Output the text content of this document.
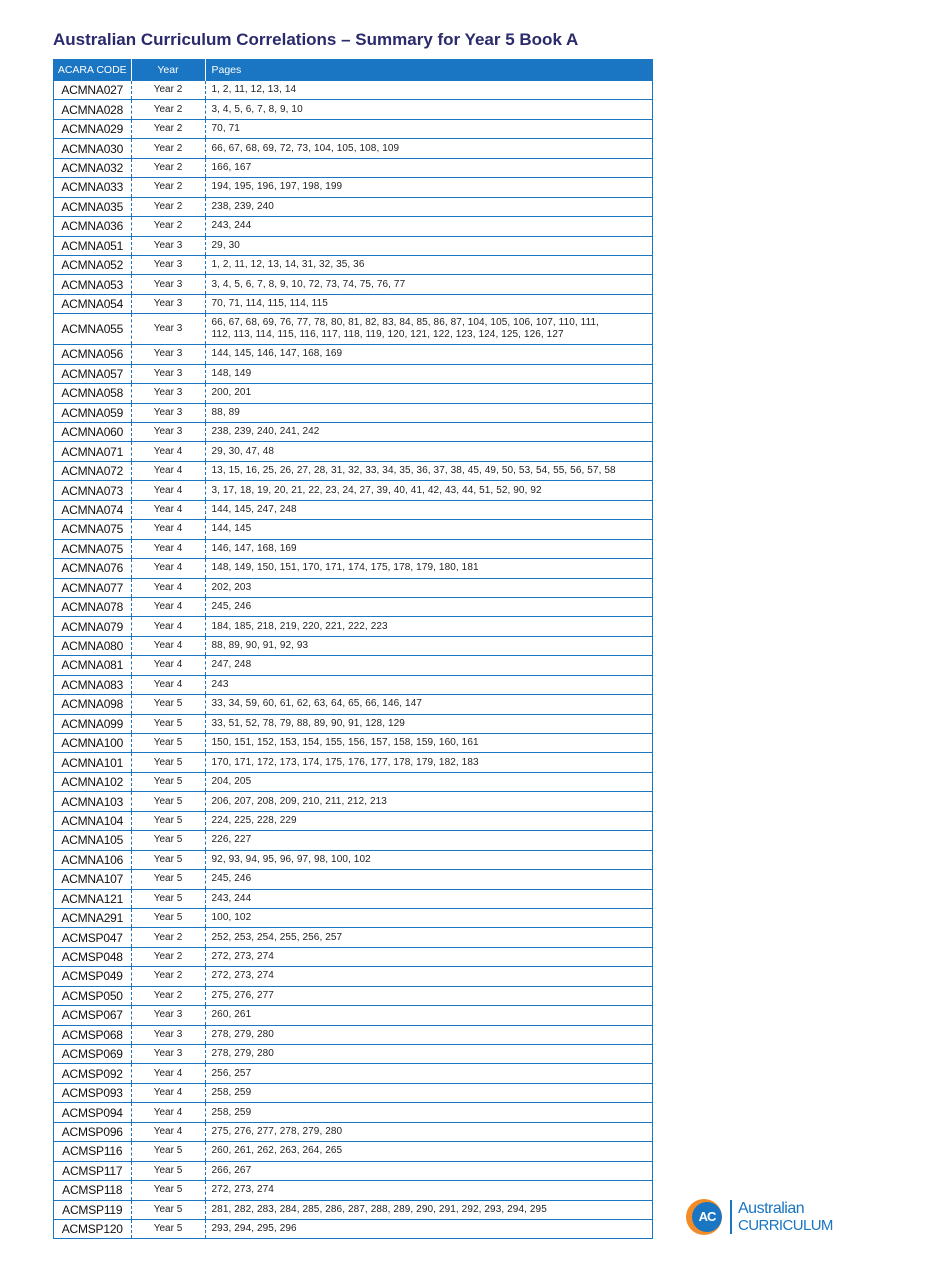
Australian Curriculum Correlations – Summary for Year 5 Book A
ACARA CODE	Year	Pages
ACMNA027	Year 2	1, 2, 11, 12, 13, 14

ACMNA028	Year 2	3, 4, 5, 6, 7, 8, 9, 10

ACMNA029	Year 2	70, 71

ACMNA030	Year 2	66, 67, 68, 69, 72, 73, 104, 105, 108, 109

ACMNA032	Year 2	166, 167

ACMNA033	Year 2	194, 195, 196, 197, 198, 199

ACMNA035	Year 2	238, 239, 240

ACMNA036	Year 2	243, 244

ACMNA051	Year 3	29, 30

ACMNA052	Year 3	1, 2, 11, 12, 13, 14, 31, 32, 35, 36

ACMNA053	Year 3	3, 4, 5, 6, 7, 8, 9, 10, 72, 73, 74, 75, 76, 77

ACMNA054	Year 3	70, 71, 114, 115, 114, 115

ACMNA055	Year 3	66, 67, 68, 69, 76, 77, 78, 80, 81, 82, 83, 84, 85, 86, 87, 104, 105, 106, 107, 110, 111,
112, 113, 114, 115, 116, 117, 118, 119, 120, 121, 122, 123, 124, 125, 126, 127

ACMNA056	Year 3	144, 145, 146, 147, 168, 169

ACMNA057	Year 3	148, 149

ACMNA058	Year 3	200, 201

ACMNA059	Year 3	88, 89

ACMNA060	Year 3	238, 239, 240, 241, 242

ACMNA071	Year 4	29, 30, 47, 48

ACMNA072	Year 4	13, 15, 16, 25, 26, 27, 28, 31, 32, 33, 34, 35, 36, 37, 38, 45, 49, 50, 53, 54, 55, 56, 57, 58

ACMNA073	Year 4	3, 17, 18, 19, 20, 21, 22, 23, 24, 27, 39, 40, 41, 42, 43, 44, 51, 52, 90, 92

ACMNA074	Year 4	144, 145, 247, 248

ACMNA075	Year 4	144, 145

ACMNA075	Year 4	146, 147, 168, 169

ACMNA076	Year 4	148, 149, 150, 151, 170, 171, 174, 175, 178, 179, 180, 181

ACMNA077	Year 4	202, 203

ACMNA078	Year 4	245, 246

ACMNA079	Year 4	184, 185, 218, 219, 220, 221, 222, 223

ACMNA080	Year 4	88, 89, 90, 91, 92, 93

ACMNA081	Year 4	247, 248

ACMNA083	Year 4	243

ACMNA098	Year 5	33, 34, 59, 60, 61, 62, 63, 64, 65, 66, 146, 147

ACMNA099	Year 5	33, 51, 52, 78, 79, 88, 89, 90, 91, 128, 129

ACMNA100	Year 5	150, 151, 152, 153, 154, 155, 156, 157, 158, 159, 160, 161

ACMNA101	Year 5	170, 171, 172, 173, 174, 175, 176, 177, 178, 179, 182, 183

ACMNA102	Year 5	204, 205

ACMNA103	Year 5	206, 207, 208, 209, 210, 211, 212, 213

ACMNA104	Year 5	224, 225, 228, 229

ACMNA105	Year 5	226, 227

ACMNA106	Year 5	92, 93, 94, 95, 96, 97, 98, 100, 102

ACMNA107	Year 5	245, 246

ACMNA121	Year 5	243, 244

ACMNA291	Year 5	100, 102

ACMSP047	Year 2	252, 253, 254, 255, 256, 257

ACMSP048	Year 2	272, 273, 274

ACMSP049	Year 2	272, 273, 274

ACMSP050	Year 2	275, 276, 277

ACMSP067	Year 3	260, 261

ACMSP068	Year 3	278, 279, 280

ACMSP069	Year 3	278, 279, 280

ACMSP092	Year 4	256, 257

ACMSP093	Year 4	258, 259

ACMSP094	Year 4	258, 259

ACMSP096	Year 4	275, 276, 277, 278, 279, 280

ACMSP116	Year 5	260, 261, 262, 263, 264, 265

ACMSP117	Year 5	266, 267

ACMSP118	Year 5	272, 273, 274

ACMSP119	Year 5	281, 282, 283, 284, 285, 286, 287, 288, 289, 290, 291, 292, 293, 294, 295

ACMSP120	Year 5	293, 294, 295, 296
AC	Australian
CURRICULUM
